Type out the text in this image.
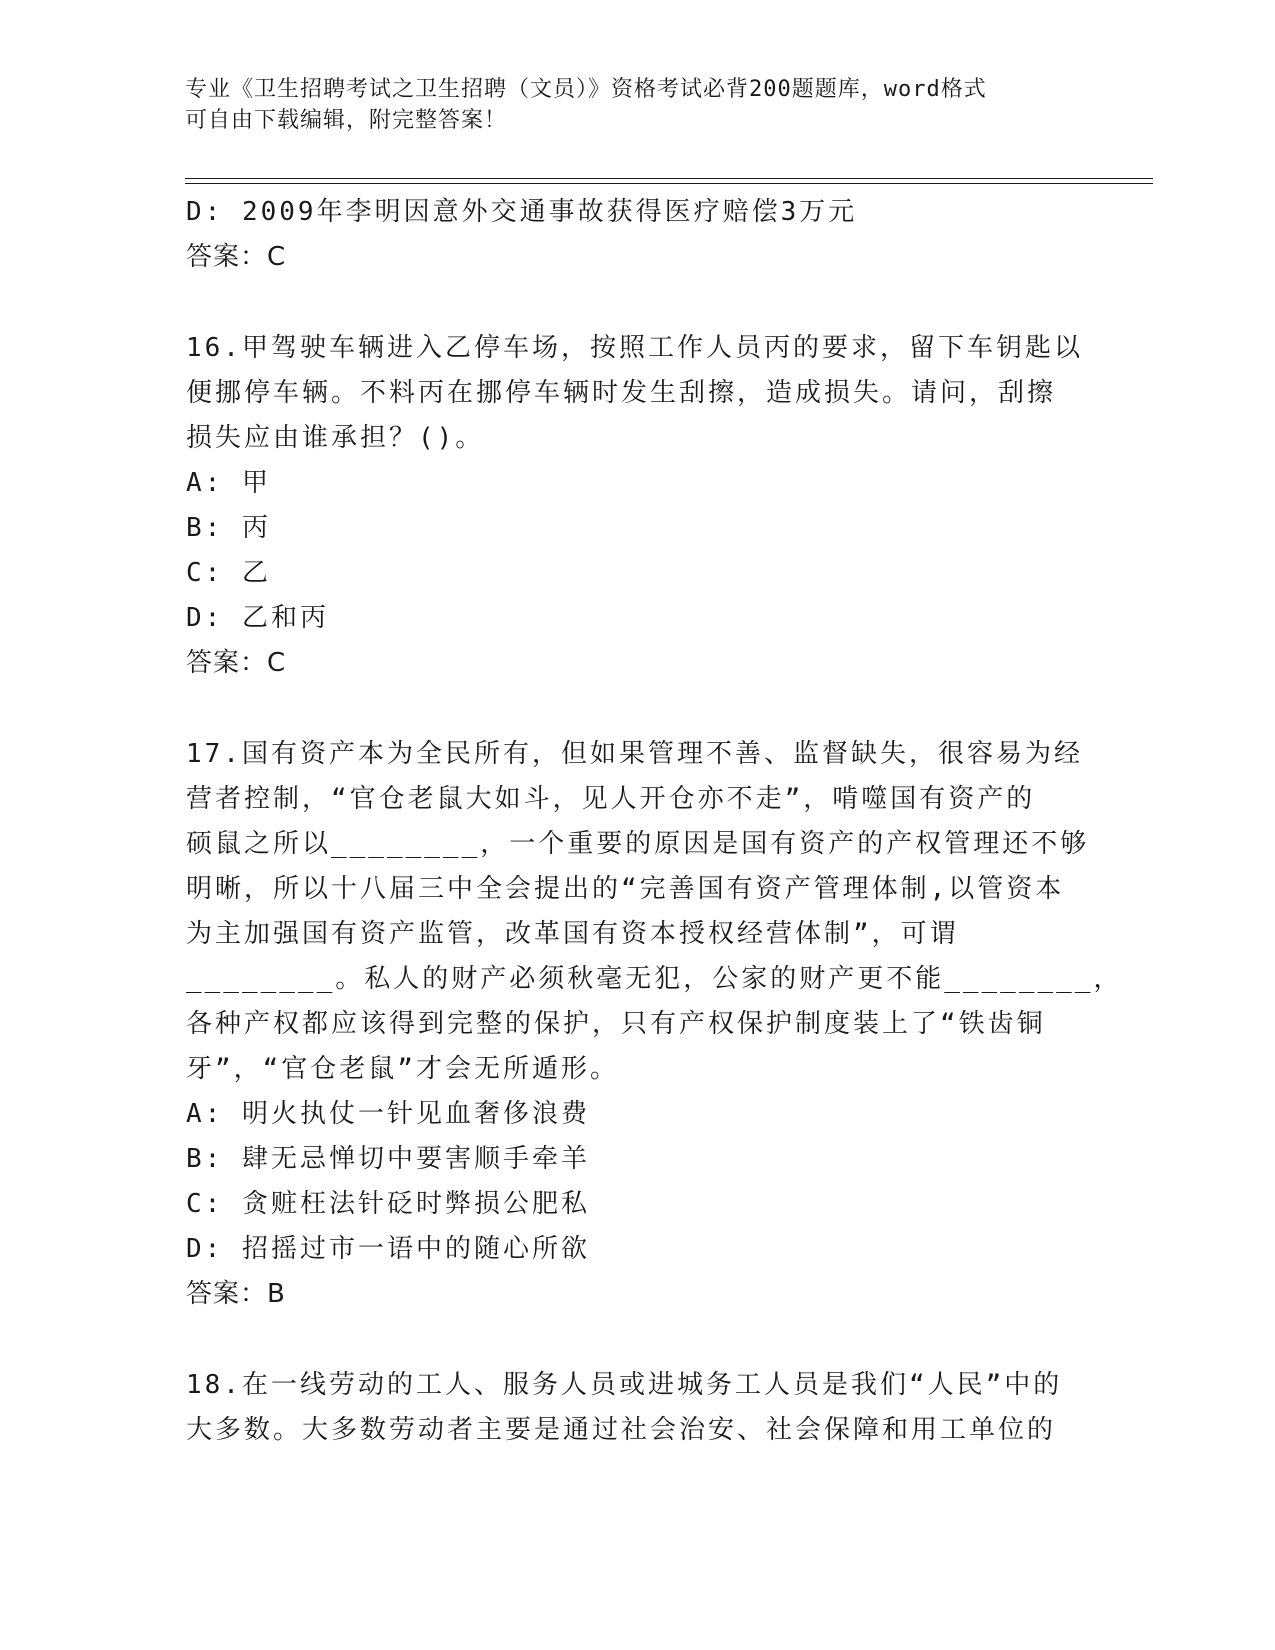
专业《卫生招聘考试之卫生招聘（文员）》资格考试必背200题题库，word格式
可自由下载编辑，附完整答案！
D: 2009年李明因意外交通事故获得医疗赔偿3万元
答案：C
16.甲驾驶车辆进入乙停车场，按照工作人员丙的要求，留下车钥匙以
便挪停车辆。不料丙在挪停车辆时发生刮擦，造成损失。请问，刮擦
损失应由谁承担？()。
A: 甲
B: 丙
C: 乙
D: 乙和丙
答案：C
17.国有资产本为全民所有，但如果管理不善、监督缺失，很容易为经
营者控制，“官仓老鼠大如斗，见人开仓亦不走”，啃噬国有资产的
硕鼠之所以________，一个重要的原因是国有资产的产权管理还不够
明晰，所以十八届三中全会提出的“完善国有资产管理体制,以管资本
为主加强国有资产监管，改革国有资本授权经营体制”，可谓
________。私人的财产必须秋毫无犯，公家的财产更不能________，
各种产权都应该得到完整的保护，只有产权保护制度装上了“铁齿铜
牙”，“官仓老鼠”才会无所遁形。
A: 明火执仗一针见血奢侈浪费
B: 肆无忌惮切中要害顺手牵羊
C: 贪赃枉法针砭时弊损公肥私
D: 招摇过市一语中的随心所欲
答案：B
18.在一线劳动的工人、服务人员或进城务工人员是我们“人民”中的
大多数。大多数劳动者主要是通过社会治安、社会保障和用工单位的
